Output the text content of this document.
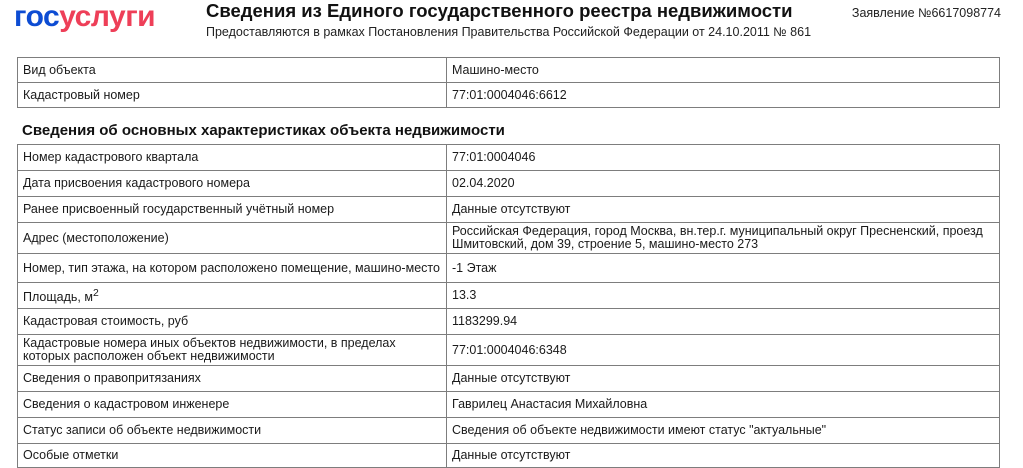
госуслуги	Сведения из Единого государственного реестра недвижимости
Предоставляются в рамках Постановления Правительства Российской Федерации от 24.10.2011 № 861
Заявление №6617098774
Вид объекта	Машино-место
Кадастровый номер	77:01:0004046:6612
Сведения об основных характеристиках объекта недвижимости
Номер кадастрового квартала	77:01:0004046
Дата присвоения кадастрового номера	02.04.2020
Ранее присвоенный государственный учётный номер	Данные отсутствуют
Адрес (местоположение)	Российская Федерация, город Москва, вн.тер.г. муниципальный округ Пресненский, проезд Шмитовский, дом 39, строение 5, машино-место 273
Номер, тип этажа, на котором расположено помещение, машино-место	-1 Этаж
Площадь, $м^2$	13.3
Кадастровая стоимость, руб	1183299.94
Кадастровые номера иных объектов недвижимости, в пределах которых расположен объект недвижимости	77:01:0004046:6348
Сведения о правопритязаниях	Данные отсутствуют
Сведения о кадастровом инженере	Гаврилец Анастасия Михайловна
Статус записи об объекте недвижимости	Сведения об объекте недвижимости имеют статус "актуальные"
Особые отметки	Данные отсутствуют
